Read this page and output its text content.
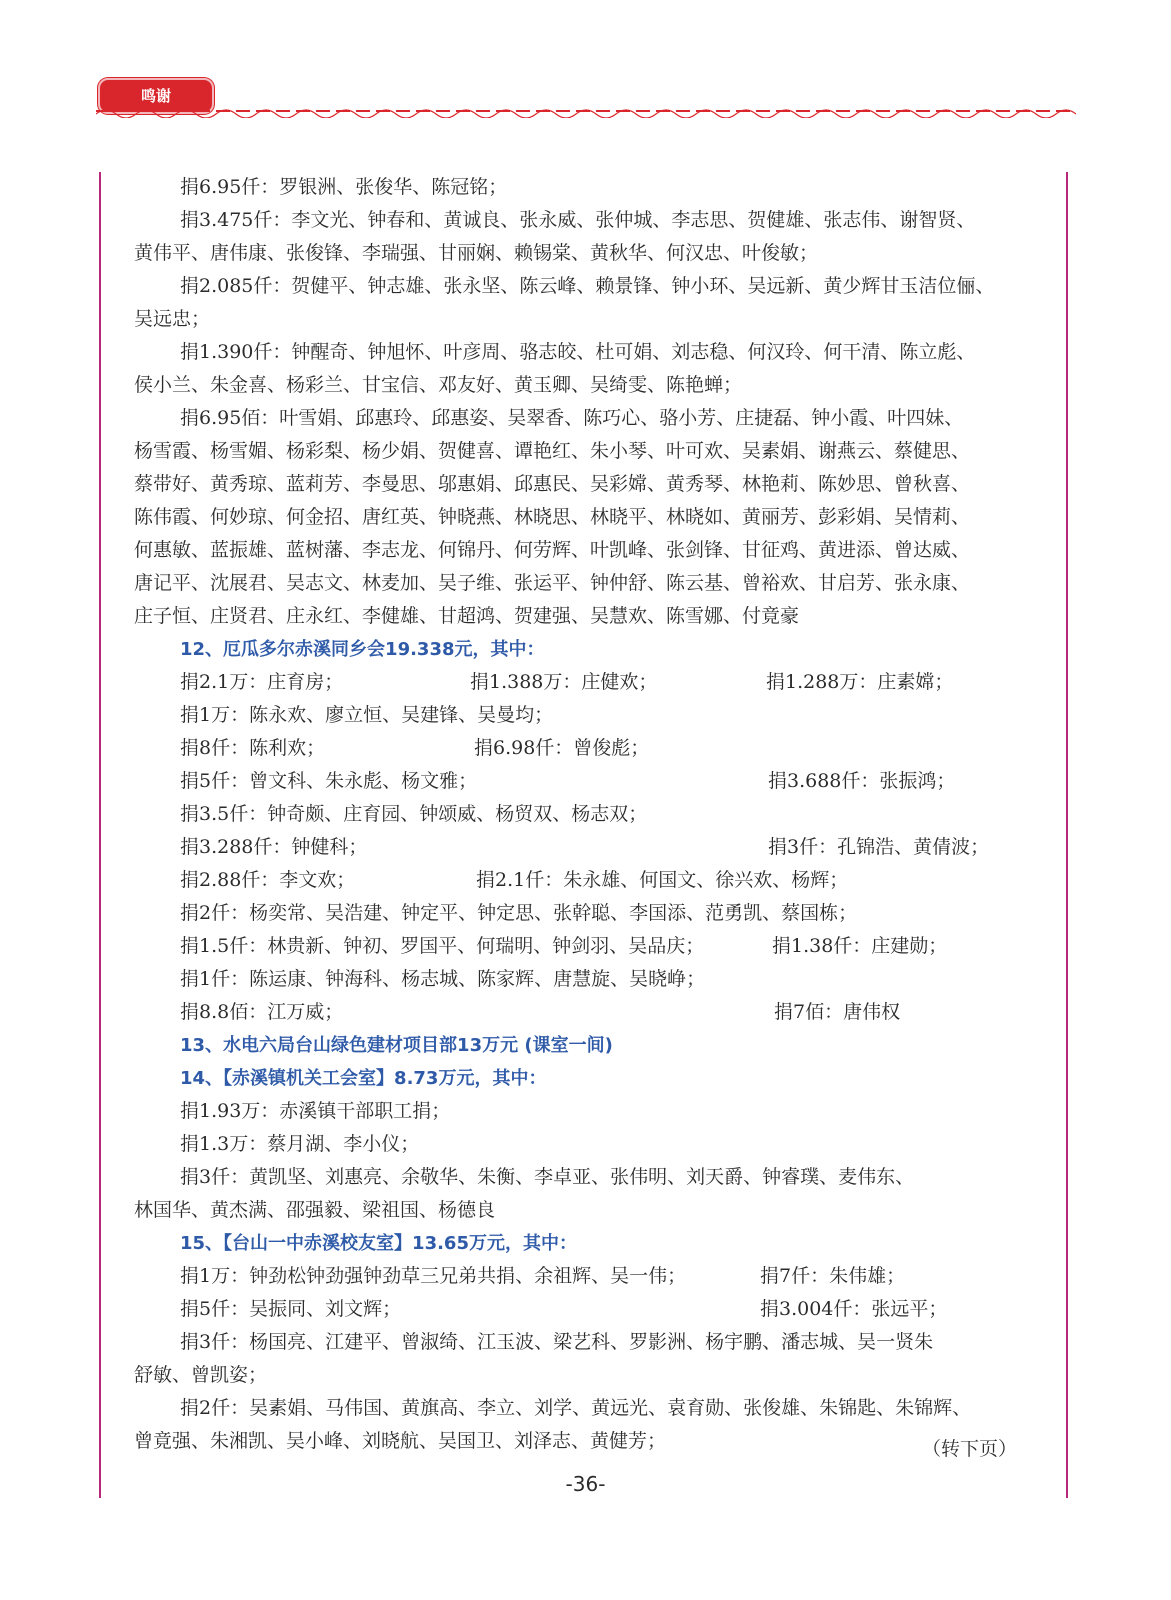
鸣谢
捐6.95仟：罗银洲、张俊华、陈冠铭；
捐3.475仟：李文光、钟春和、黄诚良、张永威、张仲城、李志思、贺健雄、张志伟、谢智贤、
黄伟平、唐伟康、张俊锋、李瑞强、甘丽娴、赖锡棠、黄秋华、何汉忠、叶俊敏；
捐2.085仟：贺健平、钟志雄、张永坚、陈云峰、赖景锋、钟小环、吴远新、黄少辉甘玉洁位俪、
吴远忠；
捐1.390仟：钟醒奇、钟旭怀、叶彦周、骆志皎、杜可娟、刘志稳、何汉玲、何干清、陈立彪、
侯小兰、朱金喜、杨彩兰、甘宝信、邓友好、黄玉卿、吴绮雯、陈艳蝉；
捐6.95佰：叶雪娟、邱惠玲、邱惠姿、吴翠香、陈巧心、骆小芳、庄捷磊、钟小霞、叶四妹、
杨雪霞、杨雪媚、杨彩梨、杨少娟、贺健喜、谭艳红、朱小琴、叶可欢、吴素娟、谢燕云、蔡健思、
蔡带好、黄秀琼、蓝莉芳、李曼思、邬惠娟、邱惠民、吴彩嫦、黄秀琴、林艳莉、陈妙思、曾秋喜、
陈伟霞、何妙琼、何金招、唐红英、钟晓燕、林晓思、林晓平、林晓如、黄丽芳、彭彩娟、吴情莉、
何惠敏、蓝振雄、蓝树藩、李志龙、何锦丹、何劳辉、叶凯峰、张剑锋、甘征鸡、黄进添、曾达威、
唐记平、沈展君、吴志文、林麦加、吴子维、张运平、钟仲舒、陈云基、曾裕欢、甘启芳、张永康、
庄子恒、庄贤君、庄永红、李健雄、甘超鸿、贺建强、吴慧欢、陈雪娜、付竟豪
12、厄瓜多尔赤溪同乡会19.338元，其中：
捐2.1万：庄育房；	捐1.388万：庄健欢；	捐1.288万：庄素嫦；
捐1万：陈永欢、廖立恒、吴建锋、吴曼均；
捐8仟：陈利欢；	捐6.98仟：曾俊彪；
捐5仟：曾文科、朱永彪、杨文雅；	捐3.688仟：张振鸿；
捐3.5仟：钟奇颇、庄育园、钟颂威、杨贸双、杨志双；
捐3.288仟：钟健科；	捐3仟：孔锦浩、黄倩波；
捐2.88仟：李文欢；	捐2.1仟：朱永雄、何国文、徐兴欢、杨辉；
捐2仟：杨奕常、吴浩建、钟定平、钟定思、张幹聪、李国添、范勇凯、蔡国栋；
捐1.5仟：林贵新、钟初、罗国平、何瑞明、钟剑羽、吴品庆；	捐1.38仟：庄建勋；
捐1仟：陈运康、钟海科、杨志城、陈家辉、唐慧旋、吴晓峥；
捐8.8佰：江万威；	捐7佰：唐伟权
13、水电六局台山绿色建材项目部13万元 (课室一间)
14、【赤溪镇机关工会室】8.73万元，其中：
捐1.93万：赤溪镇干部职工捐；
捐1.3万：蔡月湖、李小仪；
捐3仟：黄凯坚、刘惠亮、余敬华、朱衡、李卓亚、张伟明、刘天爵、钟睿璞、麦伟东、
林国华、黄杰满、邵强毅、梁祖国、杨德良
15、【台山一中赤溪校友室】13.65万元，其中：
捐1万：钟劲松钟劲强钟劲草三兄弟共捐、余祖辉、吴一伟；	捐7仟：朱伟雄；
捐5仟：吴振同、刘文辉；	捐3.004仟：张远平；
捐3仟：杨国亮、江建平、曾淑绮、江玉波、梁艺科、罗影洲、杨宇鹏、潘志城、吴一贤朱
舒敏、曾凯姿；
捐2仟：吴素娟、马伟国、黄旗高、李立、刘学、黄远光、袁育勋、张俊雄、朱锦匙、朱锦辉、
曾竟强、朱湘凯、吴小峰、刘晓航、吴国卫、刘泽志、黄健芳；	（转下页）
-36-
